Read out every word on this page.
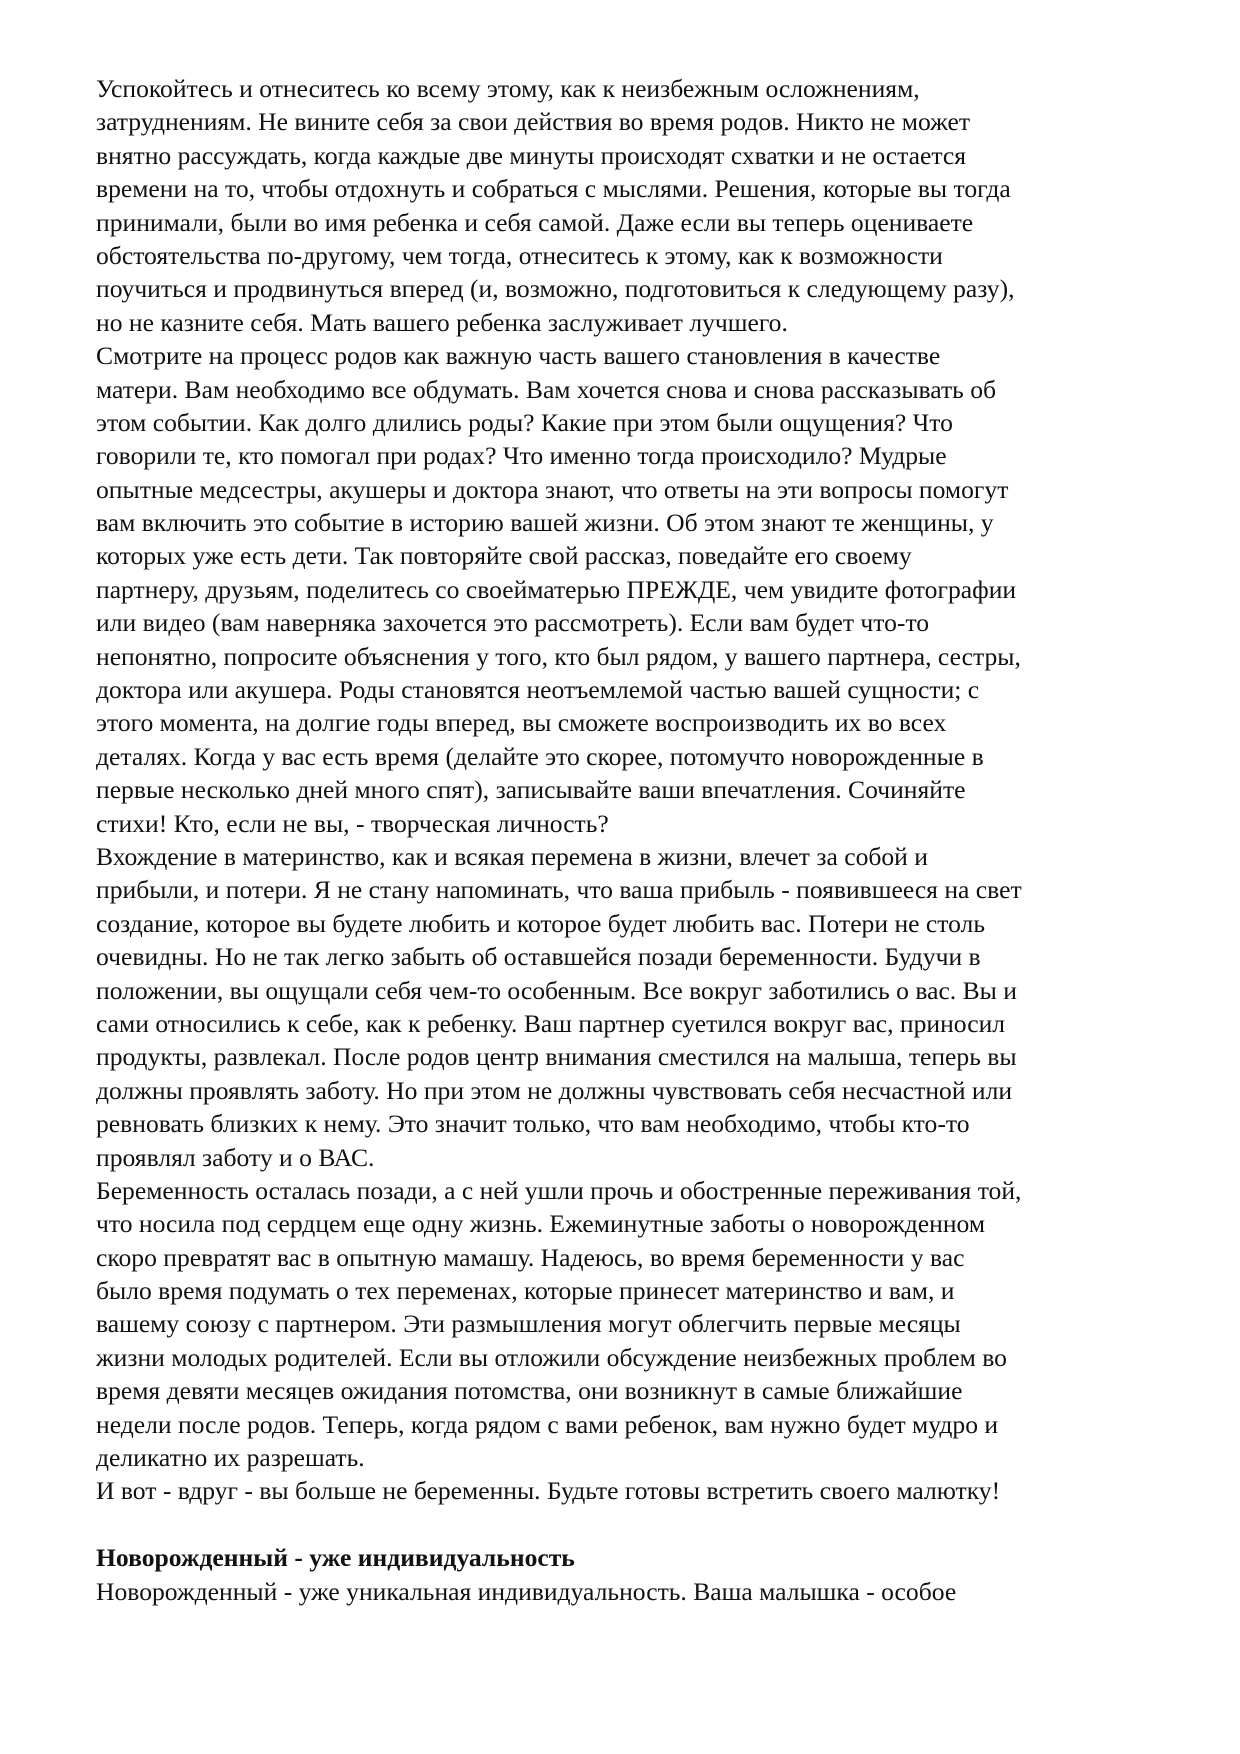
Успокойтесь и отнеситесь ко всему этому, как к неизбежным осложнениям,
затруднениям. Не вините себя за свои действия во время родов. Никто не может
внятно рассуждать, когда каждые две минуты происходят схватки и не остается
времени на то, чтобы отдохнуть и собраться с мыслями. Решения, которые вы тогда
принимали, были во имя ребенка и себя самой. Даже если вы теперь оцениваете
обстоятельства по-другому, чем тогда, отнеситесь к этому, как к возможности
поучиться и продвинуться вперед (и, возможно, подготовиться к следующему разу),
но не казните себя. Мать вашего ребенка заслуживает лучшего.
Смотрите на процесс родов как важную часть вашего становления в качестве
матери. Вам необходимо все обдумать. Вам хочется снова и снова рассказывать об
этом событии. Как долго длились роды? Какие при этом были ощущения? Что
говорили те, кто помогал при родах? Что именно тогда происходило? Мудрые
опытные медсестры, акушеры и доктора знают, что ответы на эти вопросы помогут
вам включить это событие в историю вашей жизни. Об этом знают те женщины, у
которых уже есть дети. Так повторяйте свой рассказ, поведайте его своему
партнеру, друзьям, поделитесь со своейматерью ПРЕЖДЕ, чем увидите фотографии
или видео (вам наверняка захочется это рассмотреть). Если вам будет что-то
непонятно, попросите объяснения у того, кто был рядом, у вашего партнера, сестры,
доктора или акушера. Роды становятся неотъемлемой частью вашей сущности; с
этого момента, на долгие годы вперед, вы сможете воспроизводить их во всех
деталях. Когда у вас есть время (делайте это скорее, потомучто новорожденные в
первые несколько дней много спят), записывайте ваши впечатления. Сочиняйте
стихи! Кто, если не вы, - творческая личность?
Вхождение в материнство, как и всякая перемена в жизни, влечет за собой и
прибыли, и потери. Я не стану напоминать, что ваша прибыль - появившееся на свет
создание, которое вы будете любить и которое будет любить вас. Потери не столь
очевидны. Но не так легко забыть об оставшейся позади беременности. Будучи в
положении, вы ощущали себя чем-то особенным. Все вокруг заботились о вас. Вы и
сами относились к себе, как к ребенку. Ваш партнер суетился вокруг вас, приносил
продукты, развлекал. После родов центр внимания сместился на малыша, теперь вы
должны проявлять заботу. Но при этом не должны чувствовать себя несчастной или
ревновать близких к нему. Это значит только, что вам необходимо, чтобы кто-то
проявлял заботу и о ВАС.
Беременность осталась позади, а с ней ушли прочь и обостренные переживания той,
что носила под сердцем еще одну жизнь. Ежеминутные заботы о новорожденном
скоро превратят вас в опытную мамашу. Надеюсь, во время беременности у вас
было время подумать о тех переменах, которые принесет материнство и вам, и
вашему союзу с партнером. Эти размышления могут облегчить первые месяцы
жизни молодых родителей. Если вы отложили обсуждение неизбежных проблем во
время девяти месяцев ожидания потомства, они возникнут в самые ближайшие
недели после родов. Теперь, когда рядом с вами ребенок, вам нужно будет мудро и
деликатно их разрешать.
И вот - вдруг - вы больше не беременны. Будьте готовы встретить своего малютку!
Новорожденный - уже индивидуальность
Новорожденный - уже уникальная индивидуальность. Ваша малышка - особое
